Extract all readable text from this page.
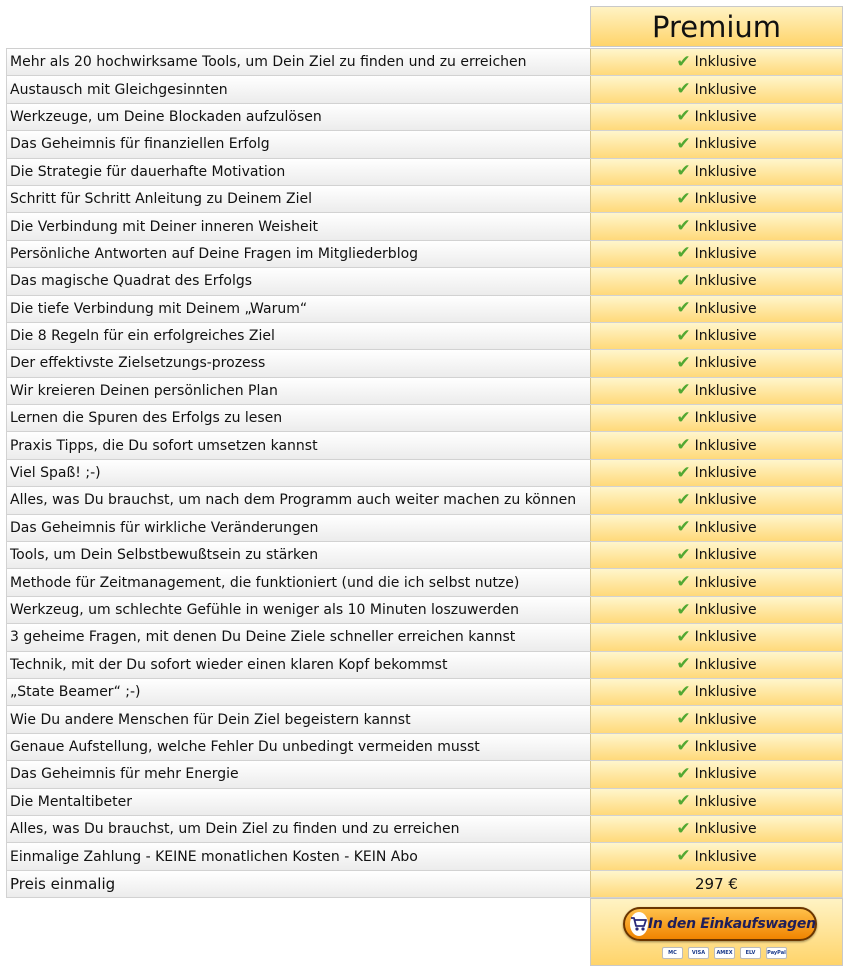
Premium
Mehr als 20 hochwirksame Tools, um Dein Ziel zu finden und zu erreichen	✔ Inklusive
Austausch mit Gleichgesinnten	✔ Inklusive
Werkzeuge, um Deine Blockaden aufzulösen	✔ Inklusive
Das Geheimnis für finanziellen Erfolg	✔ Inklusive
Die Strategie für dauerhafte Motivation	✔ Inklusive
Schritt für Schritt Anleitung zu Deinem Ziel	✔ Inklusive
Die Verbindung mit Deiner inneren Weisheit	✔ Inklusive
Persönliche Antworten auf Deine Fragen im Mitgliederblog	✔ Inklusive
Das magische Quadrat des Erfolgs	✔ Inklusive
Die tiefe Verbindung mit Deinem „Warum“	✔ Inklusive
Die 8 Regeln für ein erfolgreiches Ziel	✔ Inklusive
Der effektivste Zielsetzungs-prozess	✔ Inklusive
Wir kreieren Deinen persönlichen Plan	✔ Inklusive
Lernen die Spuren des Erfolgs zu lesen	✔ Inklusive
Praxis Tipps, die Du sofort umsetzen kannst	✔ Inklusive
Viel Spaß! ;-)	✔ Inklusive
Alles, was Du brauchst, um nach dem Programm auch weiter machen zu können	✔ Inklusive
Das Geheimnis für wirkliche Veränderungen	✔ Inklusive
Tools, um Dein Selbstbewußtsein zu stärken	✔ Inklusive
Methode für Zeitmanagement, die funktioniert (und die ich selbst nutze)	✔ Inklusive
Werkzeug, um schlechte Gefühle in weniger als 10 Minuten loszuwerden	✔ Inklusive
3 geheime Fragen, mit denen Du Deine Ziele schneller erreichen kannst	✔ Inklusive
Technik, mit der Du sofort wieder einen klaren Kopf bekommst	✔ Inklusive
„State Beamer“ ;-)	✔ Inklusive
Wie Du andere Menschen für Dein Ziel begeistern kannst	✔ Inklusive
Genaue Aufstellung, welche Fehler Du unbedingt vermeiden musst	✔ Inklusive
Das Geheimnis für mehr Energie	✔ Inklusive
Die Mentaltibeter	✔ Inklusive
Alles, was Du brauchst, um Dein Ziel zu finden und zu erreichen	✔ Inklusive
Einmalige Zahlung - KEINE monatlichen Kosten - KEIN Abo	✔ Inklusive
Preis einmalig	297 €
In den Einkaufswagen
MC	VISA	AMEX	ELV	PayPal
